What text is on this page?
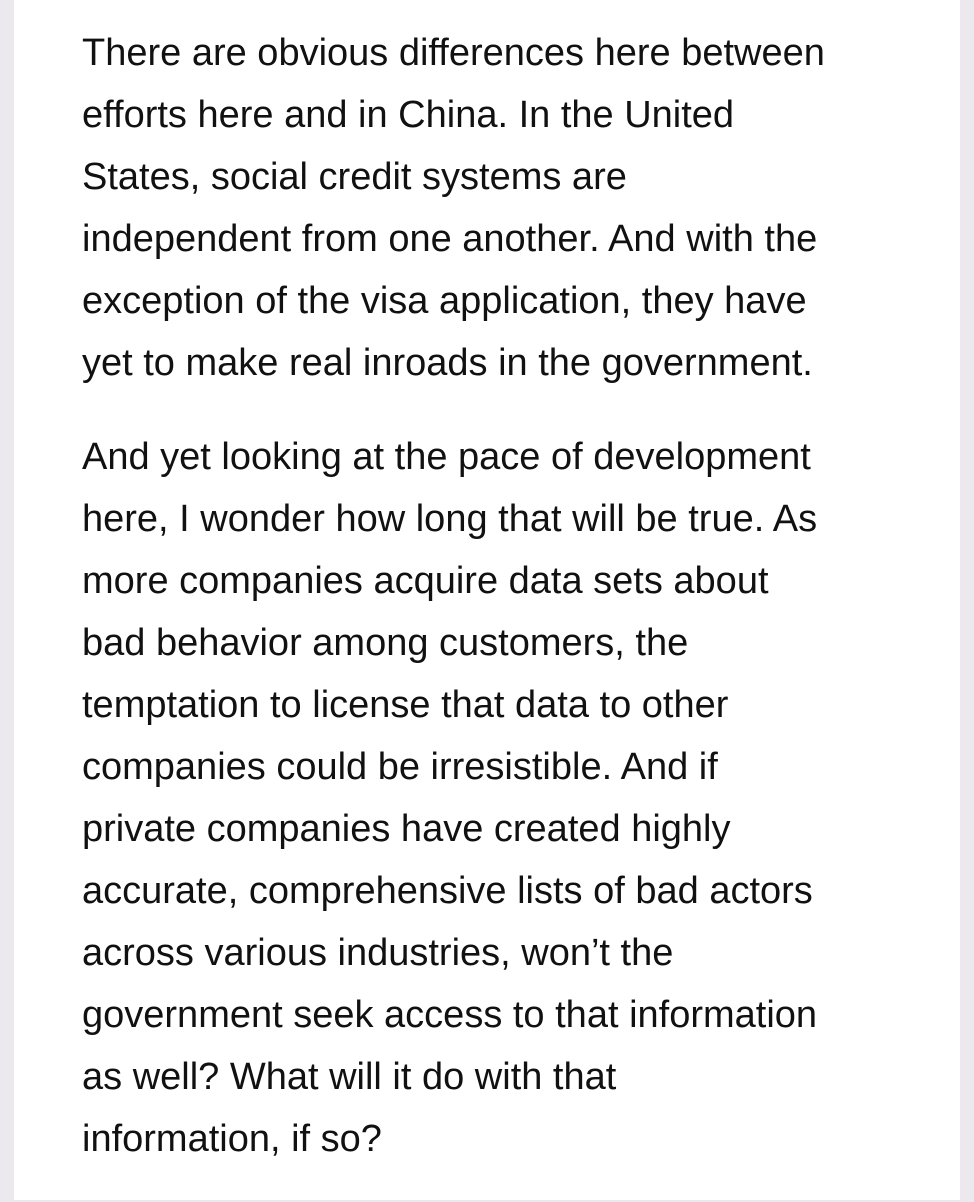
There are obvious differences here between
efforts here and in China. In the United
States, social credit systems are
independent from one another. And with the
exception of the visa application, they have
yet to make real inroads in the government.

And yet looking at the pace of development
here, I wonder how long that will be true. As
more companies acquire data sets about
bad behavior among customers, the
temptation to license that data to other
companies could be irresistible. And if
private companies have created highly
accurate, comprehensive lists of bad actors
across various industries, won’t the
government seek access to that information
as well? What will it do with that
information, if so?
